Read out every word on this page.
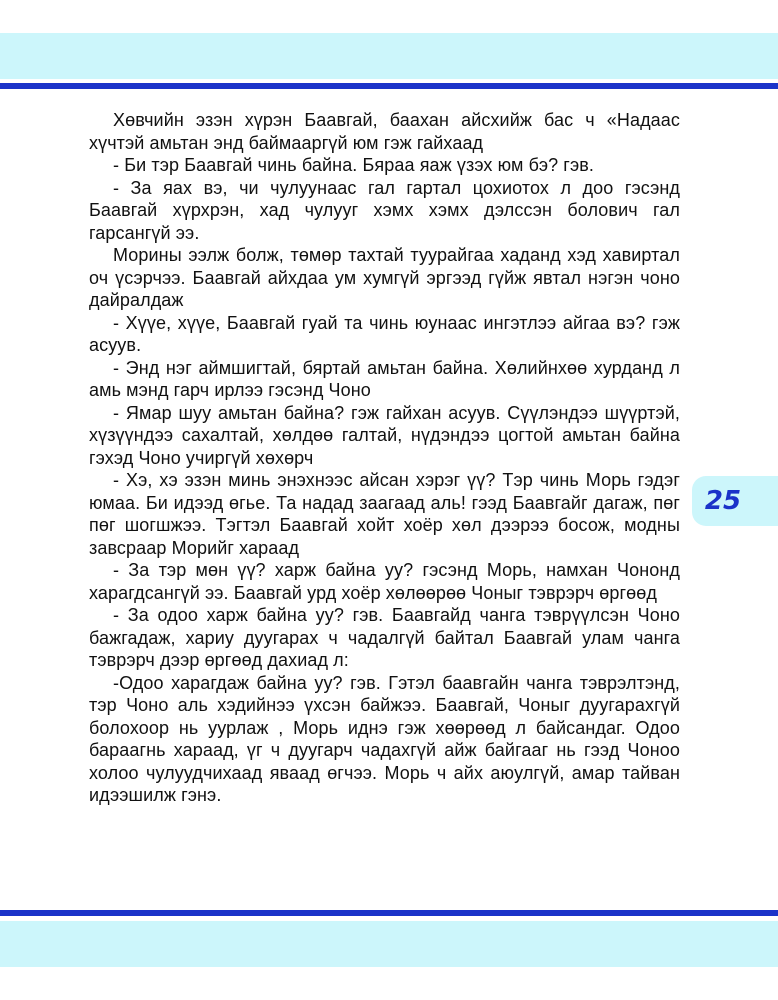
Хөвчийн эзэн хүрэн Баавгай, баахан айсхийж бас ч «Надаас хүчтэй амьтан энд баймааргүй юм гэж гайхаад

- Би тэр Баавгай чинь байна. Бяраа яаж үзэх юм бэ? гэв.

- За яах вэ, чи чулуунаас гал гартал цохиотох л доо гэсэнд Баавгай хүрхрэн, хад чулууг хэмх хэмх дэлссэн болович гал гарсангүй ээ.

Морины ээлж болж, төмөр тахтай туурайгаа хаданд хэд хавиртал оч үсэрчээ. Баавгай айхдаа ум хумгүй эргээд гүйж явтал нэгэн чоно дайралдаж

- Хүүе, хүүе, Баавгай гуай та чинь юунаас ингэтлээ айгаа вэ? гэж асуув.

- Энд нэг аймшигтай, бяртай амьтан байна. Хөлийнхөө хурданд л амь мэнд гарч ирлээ гэсэнд Чоно

- Ямар шуу амьтан байна? гэж гайхан асуув. Сүүлэндээ шүүртэй, хүзүүндээ сахалтай, хөлдөө галтай, нүдэндээ цогтой амьтан байна гэхэд Чоно учиргүй хөхөрч

- Хэ, хэ эзэн минь энэхнээс айсан хэрэг үү? Тэр чинь Морь гэдэг юмаа. Би идээд өгье. Та надад заагаад аль! гээд Баавгайг дагаж, пөг пөг шогшжээ. Тэгтэл Баавгай хойт хоёр хөл дээрээ босож, модны завсраар Морийг хараад

- За тэр мөн үү? харж байна уу? гэсэнд Морь, намхан Чононд харагдсангүй ээ. Баавгай урд хоёр хөлөөрөө Чоныг тэврэрч өргөөд

- За одоо харж байна уу? гэв. Баавгайд чанга тэврүүлсэн Чоно бажгадаж, хариу дуугарах ч чадалгүй байтал Баавгай улам чанга тэврэрч дээр өргөөд дахиад л:

-Одоо харагдаж байна уу? гэв. Гэтэл баавгайн чанга тэврэлтэнд, тэр Чоно аль хэдийнээ үхсэн байжээ. Баавгай, Чоныг дуугарахгүй болохоор нь уурлаж , Морь иднэ гэж хөөрөөд л байсандаг. Одоо бараагнь хараад, үг ч дуугарч чадахгүй айж байгааг нь гээд Чоноо холоо чулуудчихаад яваад өгчээ. Морь ч айх аюулгүй, амар тайван идээшилж гэнэ.

25
